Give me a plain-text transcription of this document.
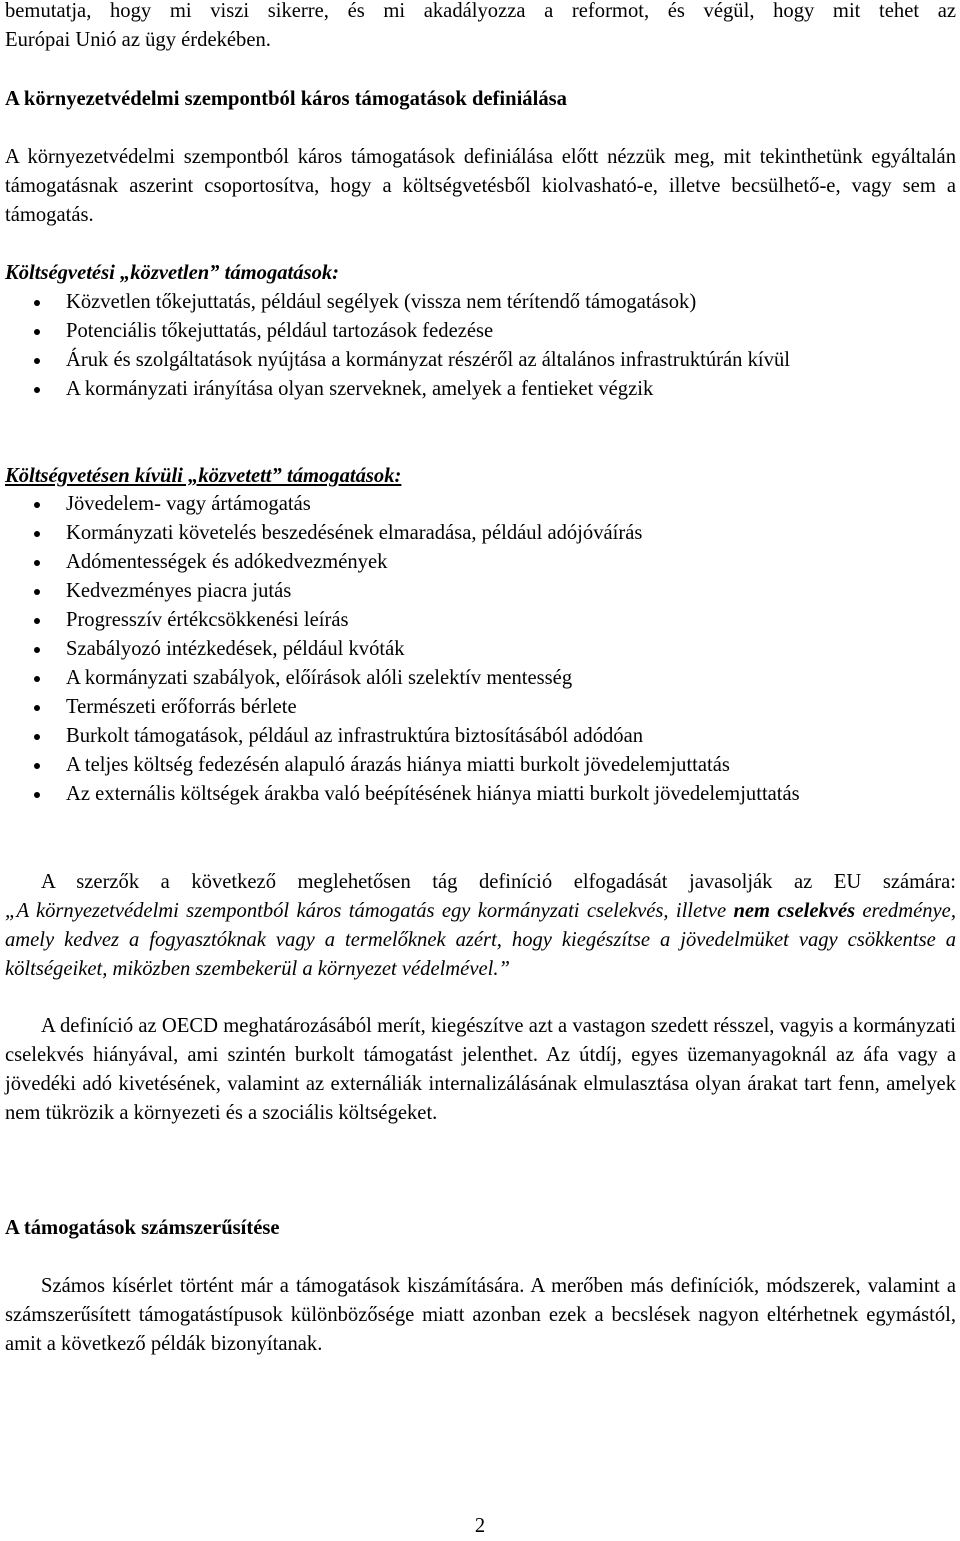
bemutatja, hogy mi viszi sikerre, és mi akadályozza a reformot, és végül, hogy mit tehet az
Európai Unió az ügy érdekében.
A környezetvédelmi szempontból káros támogatások definiálása

A környezetvédelmi szempontból káros támogatások definiálása előtt nézzük meg, mit tekinthetünk egyáltalán támogatásnak aszerint csoportosítva, hogy a költségvetésből kiolvasható-e, illetve becsülhető-e, vagy sem a támogatás.

Költségvetési „közvetlen” támogatások:
Közvetlen tőkejuttatás, például segélyek (vissza nem térítendő támogatások)
Potenciális tőkejuttatás, például tartozások fedezése
Áruk és szolgáltatások nyújtása a kormányzat részéről az általános infrastruktúrán kívül
A kormányzati irányítása olyan szerveknek, amelyek a fentieket végzik
Költségvetésen kívüli „közvetett” támogatások:
Jövedelem- vagy ártámogatás
Kormányzati követelés beszedésének elmaradása, például adójóváírás
Adómentességek és adókedvezmények
Kedvezményes piacra jutás
Progresszív értékcsökkenési leírás
Szabályozó intézkedések, például kvóták
A kormányzati szabályok, előírások alóli szelektív mentesség
Természeti erőforrás bérlete
Burkolt támogatások, például az infrastruktúra biztosításából adódóan
A teljes költség fedezésén alapuló árazás hiánya miatti burkolt jövedelemjuttatás
Az externális költségek árakba való beépítésének hiánya miatti burkolt jövedelemjuttatás

A szerzők a következő meglehetősen tág definíció elfogadását javasolják az EU számára:
„A környezetvédelmi szempontból káros támogatás egy kormányzati cselekvés, illetve nem cselekvés eredménye, amely kedvez a fogyasztóknak vagy a termelőknek azért, hogy kiegészítse a jövedelmüket vagy csökkentse a költségeiket, miközben szembekerül a környezet védelmével.”

A definíció az OECD meghatározásából merít, kiegészítve azt a vastagon szedett résszel, vagyis a kormányzati cselekvés hiányával, ami szintén burkolt támogatást jelenthet. Az útdíj, egyes üzemanyagoknál az áfa vagy a jövedéki adó kivetésének, valamint az externáliák internalizálásának elmulasztása olyan árakat tart fenn, amelyek nem tükrözik a környezeti és a szociális költségeket.

A támogatások számszerűsítése

Számos kísérlet történt már a támogatások kiszámítására. A merőben más definíciók, módszerek, valamint a számszerűsített támogatástípusok különbözősége miatt azonban ezek a becslések nagyon eltérhetnek egymástól, amit a következő példák bizonyítanak.

2
